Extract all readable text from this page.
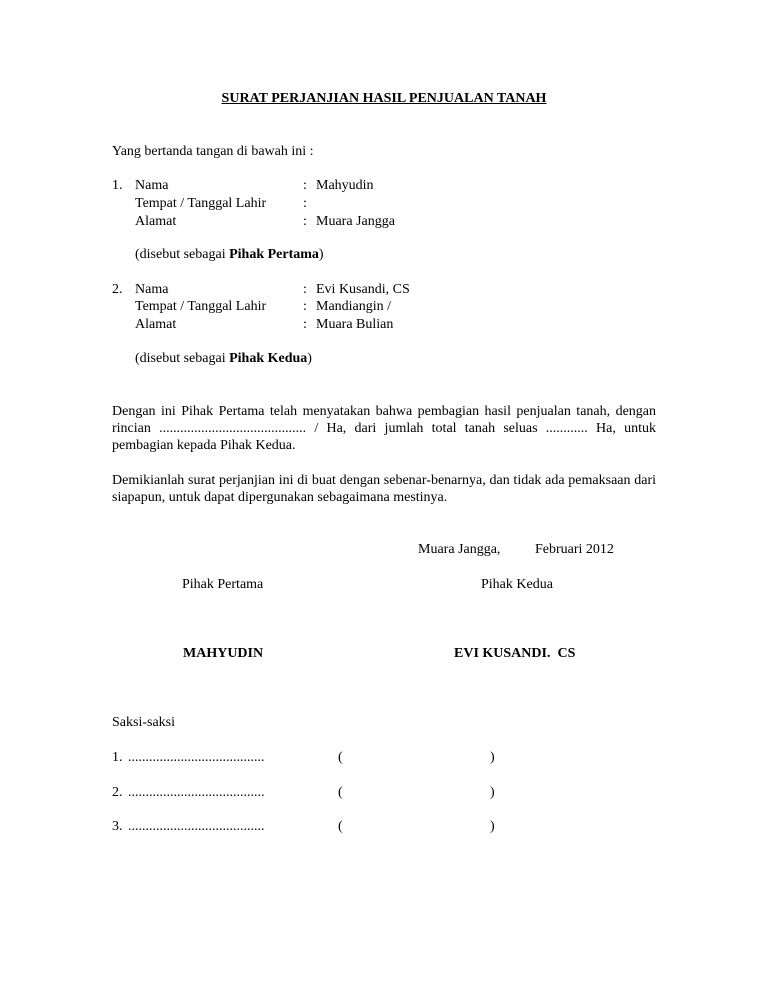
SURAT PERJANJIAN HASIL PENJUALAN TANAH
Yang bertanda tangan di bawah ini :
1. Nama	: Mahyudin
Tempat / Tanggal Lahir	:
Alamat	: Muara Jangga
(disebut sebagai Pihak Pertama)
2. Nama	: Evi Kusandi, CS
Tempat / Tanggal Lahir	: Mandiangin /
Alamat	: Muara Bulian
(disebut sebagai Pihak Kedua)
Dengan ini Pihak Pertama telah menyatakan bahwa pembagian hasil penjualan tanah, dengan rincian .......................................... / Ha, dari jumlah total tanah seluas ............ Ha, untuk pembagian kepada Pihak Kedua.
Demikianlah surat perjanjian ini di buat dengan sebenar-benarnya, dan tidak ada pemaksaan dari siapapun, untuk dapat dipergunakan sebagaimana mestinya.
Muara Jangga, Februari 2012
Pihak Pertama	Pihak Kedua
MAHYUDIN	EVI KUSANDI.  CS
Saksi-saksi
1. .......................................	(	)
2. .......................................	(	)
3. .......................................	(	)
